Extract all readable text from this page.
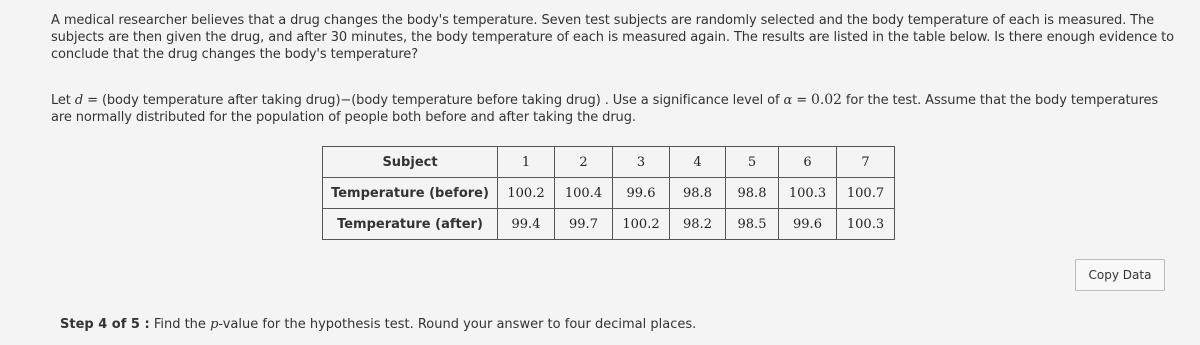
A medical researcher believes that a drug changes the body's temperature. Seven test subjects are randomly selected and the body temperature of each is measured. The subjects are then given the drug, and after 30 minutes, the body temperature of each is measured again. The results are listed in the table below. Is there enough evidence to conclude that the drug changes the body's temperature?
Let d = (body temperature after taking drug)−(body temperature before taking drug) . Use a significance level of α = 0.02 for the test. Assume that the body temperatures are normally distributed for the population of people both before and after taking the drug.
Subject	1	2	3	4	5	6	7
Temperature (before)	100.2	100.4	99.6	98.8	98.8	100.3	100.7
Temperature (after)	99.4	99.7	100.2	98.2	98.5	99.6	100.3
Copy Data
Step 4 of 5 : Find the p-value for the hypothesis test. Round your answer to four decimal places.
